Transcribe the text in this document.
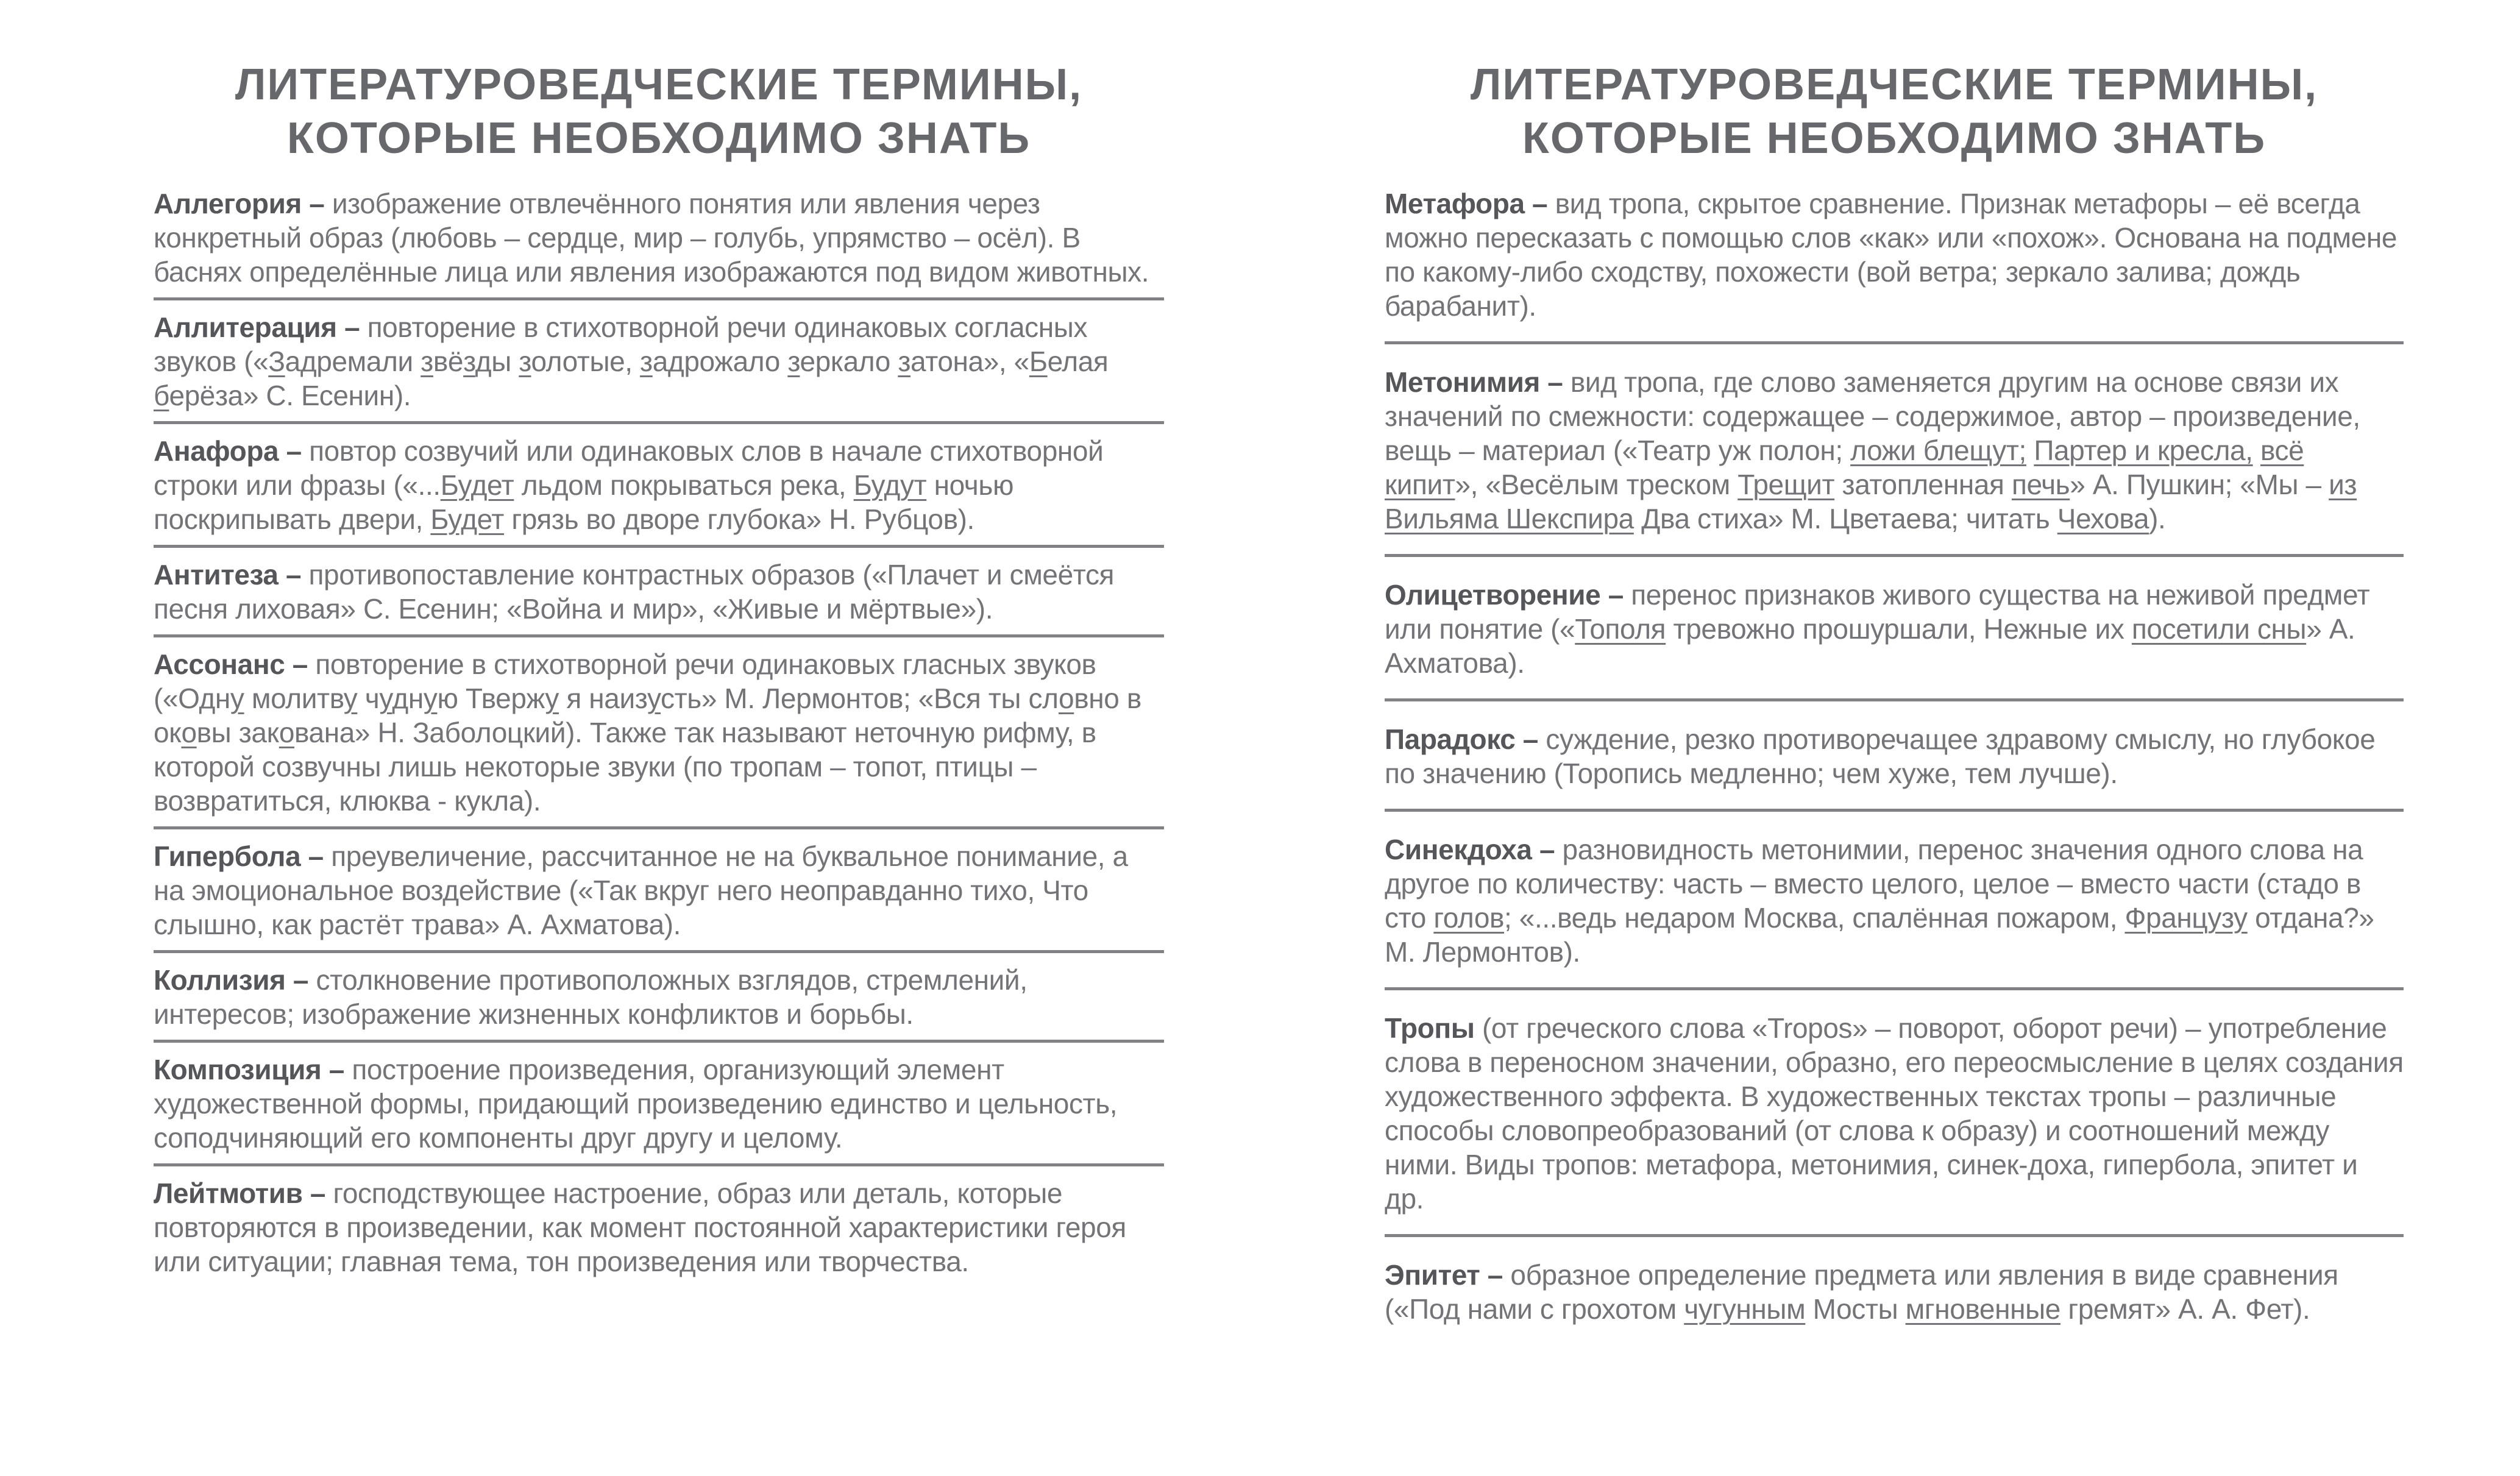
ЛИТЕРАТУРОВЕДЧЕСКИЕ ТЕРМИНЫ,
КОТОРЫЕ НЕОБХОДИМО ЗНАТЬ
Аллегория – изображение отвлечённого понятия или явления через конкретный образ (любовь – сердце, мир – голубь, упрямство – осёл). В баснях определённые лица или явления изображаются под видом животных.
Аллитерация – повторение в стихотворной речи одинаковых согласных звуков («Задремали звёзды золотые, задрожало зеркало затона», «Белая берёза» С. Есенин).
Анафора – повтор созвучий или одинаковых слов в начале стихотворной строки или фразы («...Будет льдом покрываться река, Будут ночью поскрипывать двери, Будет грязь во дворе глубока» Н. Рубцов).
Антитеза – противопоставление контрастных образов («Плачет и смеётся песня лиховая» С. Есенин; «Война и мир», «Живые и мёртвые»).
Ассонанс – повторение в стихотворной речи одинаковых гласных звуков («Одну молитву чудную Твержу я наизусть» М. Лермонтов; «Вся ты словно в оковы закована» Н. Заболоцкий). Также так называют неточную рифму, в которой созвучны лишь некоторые звуки (по тропам – топот, птицы – возвратиться, клюква - кукла).
Гипербола – преувеличение, рассчитанное не на буквальное понимание, а на эмоциональное воздействие («Так вкруг него неоправданно тихо, Что слышно, как растёт трава» А. Ахматова).
Коллизия – столкновение противоположных взглядов, стремлений, интересов; изображение жизненных конфликтов и борьбы.
Композиция – построение произведения, организующий элемент художественной формы, придающий произведению единство и цельность, соподчиняющий его компоненты друг другу и целому.
Лейтмотив – господствующее настроение, образ или деталь, которые повторяются в произведении, как момент постоянной характеристики героя или ситуации; главная тема, тон произведения или творчества.
ЛИТЕРАТУРОВЕДЧЕСКИЕ ТЕРМИНЫ,
КОТОРЫЕ НЕОБХОДИМО ЗНАТЬ
Метафора – вид тропа, скрытое сравнение. Признак метафоры – её всегда можно пересказать с помощью слов «как» или «похож». Основана на подмене по какому-либо сходству, похожести (вой ветра; зеркало залива; дождь барабанит).
Метонимия – вид тропа, где слово заменяется другим на основе связи их значений по смежности: содержащее – содержимое, автор – произведение, вещь – материал («Театр уж полон; ложи блещут; Партер и кресла, всё кипит», «Весёлым треском Трещит затопленная печь» А. Пушкин; «Мы – из Вильяма Шекспира Два стиха» М. Цветаева; читать Чехова).
Олицетворение – перенос признаков живого существа на неживой предмет или понятие («Тополя тревожно прошуршали, Нежные их посетили сны» А. Ахматова).
Парадокс – суждение, резко противоречащее здравому смыслу, но глубокое по значению (Торопись медленно; чем хуже, тем лучше).
Синекдоха – разновидность метонимии, перенос значения одного слова на другое по количеству: часть – вместо целого, целое – вместо части (стадо в сто голов; «...ведь недаром Москва, спалённая пожаром, Французу отдана?» М. Лермонтов).
Тропы (от греческого слова «Tropos» – поворот, оборот речи) – употребление слова в переносном значении, образно, его переосмысление в целях создания художественного эффекта. В художественных текстах тропы – различные способы словопреобразований (от слова к образу) и соотношений между ними. Виды тропов: метафора, метонимия, синек-доха, гипербола, эпитет и др.
Эпитет – образное определение предмета или явления в виде сравнения («Под нами с грохотом чугунным Мосты мгновенные гремят» А. А. Фет).
